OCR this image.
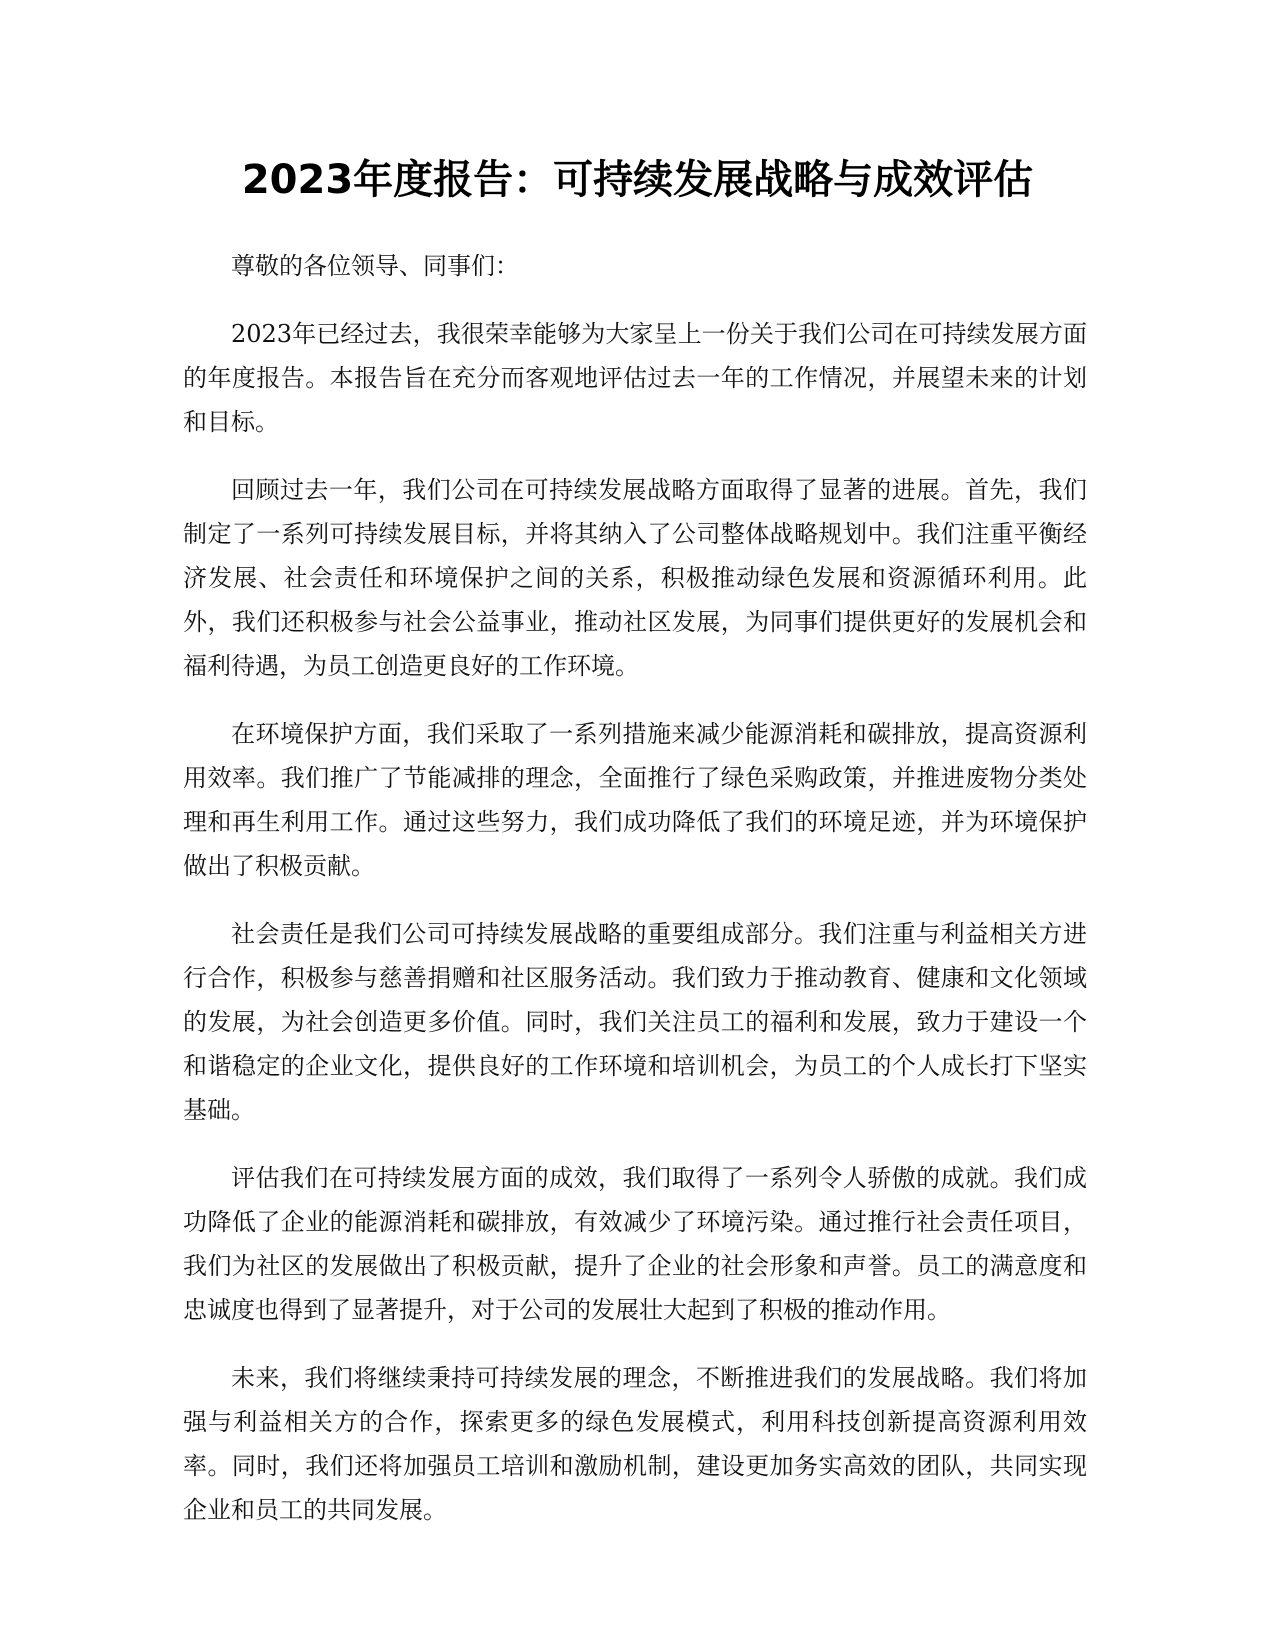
2023年度报告：可持续发展战略与成效评估

尊敬的各位领导、同事们：

2023年已经过去，我很荣幸能够为大家呈上一份关于我们公司在可持续发展方面的年度报告。本报告旨在充分而客观地评估过去一年的工作情况，并展望未来的计划和目标。

回顾过去一年，我们公司在可持续发展战略方面取得了显著的进展。首先，我们制定了一系列可持续发展目标，并将其纳入了公司整体战略规划中。我们注重平衡经济发展、社会责任和环境保护之间的关系，积极推动绿色发展和资源循环利用。此外，我们还积极参与社会公益事业，推动社区发展，为同事们提供更好的发展机会和福利待遇，为员工创造更良好的工作环境。

在环境保护方面，我们采取了一系列措施来减少能源消耗和碳排放，提高资源利用效率。我们推广了节能减排的理念，全面推行了绿色采购政策，并推进废物分类处理和再生利用工作。通过这些努力，我们成功降低了我们的环境足迹，并为环境保护做出了积极贡献。

社会责任是我们公司可持续发展战略的重要组成部分。我们注重与利益相关方进行合作，积极参与慈善捐赠和社区服务活动。我们致力于推动教育、健康和文化领域的发展，为社会创造更多价值。同时，我们关注员工的福利和发展，致力于建设一个和谐稳定的企业文化，提供良好的工作环境和培训机会，为员工的个人成长打下坚实基础。

评估我们在可持续发展方面的成效，我们取得了一系列令人骄傲的成就。我们成功降低了企业的能源消耗和碳排放，有效减少了环境污染。通过推行社会责任项目，我们为社区的发展做出了积极贡献，提升了企业的社会形象和声誉。员工的满意度和忠诚度也得到了显著提升，对于公司的发展壮大起到了积极的推动作用。

未来，我们将继续秉持可持续发展的理念，不断推进我们的发展战略。我们将加强与利益相关方的合作，探索更多的绿色发展模式，利用科技创新提高资源利用效率。同时，我们还将加强员工培训和激励机制，建设更加务实高效的团队，共同实现企业和员工的共同发展。
